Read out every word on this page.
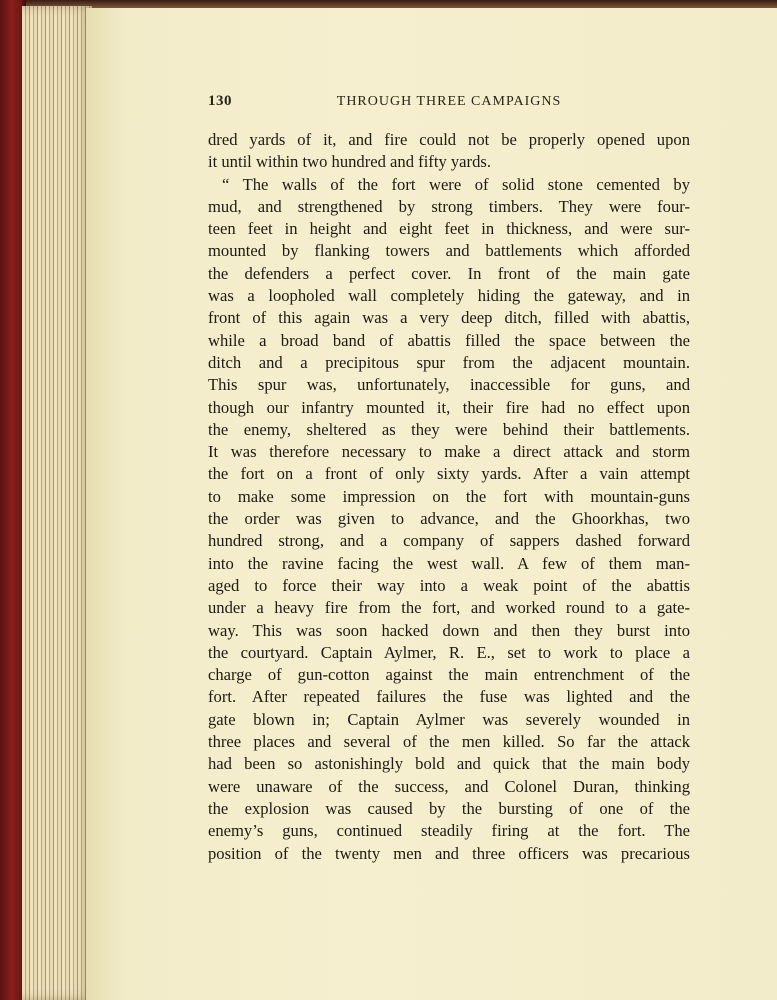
130	THROUGH THREE CAMPAIGNS
dred yards of it, and fire could not be properly opened upon
it until within two hundred and fifty yards.
“ The walls of the fort were of solid stone cemented by
mud, and strengthened by strong timbers. They were four-
teen feet in height and eight feet in thickness, and were sur-
mounted by flanking towers and battlements which afforded
the defenders a perfect cover. In front of the main gate
was a loopholed wall completely hiding the gateway, and in
front of this again was a very deep ditch, filled with abattis,
while a broad band of abattis filled the space between the
ditch and a precipitous spur from the adjacent mountain.
This spur was, unfortunately, inaccessible for guns, and
though our infantry mounted it, their fire had no effect upon
the enemy, sheltered as they were behind their battlements.
It was therefore necessary to make a direct attack and storm
the fort on a front of only sixty yards. After a vain attempt
to make some impression on the fort with mountain-guns
the order was given to advance, and the Ghoorkhas, two
hundred strong, and a company of sappers dashed forward
into the ravine facing the west wall. A few of them man-
aged to force their way into a weak point of the abattis
under a heavy fire from the fort, and worked round to a gate-
way. This was soon hacked down and then they burst into
the courtyard. Captain Aylmer, R. E., set to work to place a
charge of gun-cotton against the main entrenchment of the
fort. After repeated failures the fuse was lighted and the
gate blown in; Captain Aylmer was severely wounded in
three places and several of the men killed. So far the attack
had been so astonishingly bold and quick that the main body
were unaware of the success, and Colonel Duran, thinking
the explosion was caused by the bursting of one of the
enemy’s guns, continued steadily firing at the fort. The
position of the twenty men and three officers was precarious
